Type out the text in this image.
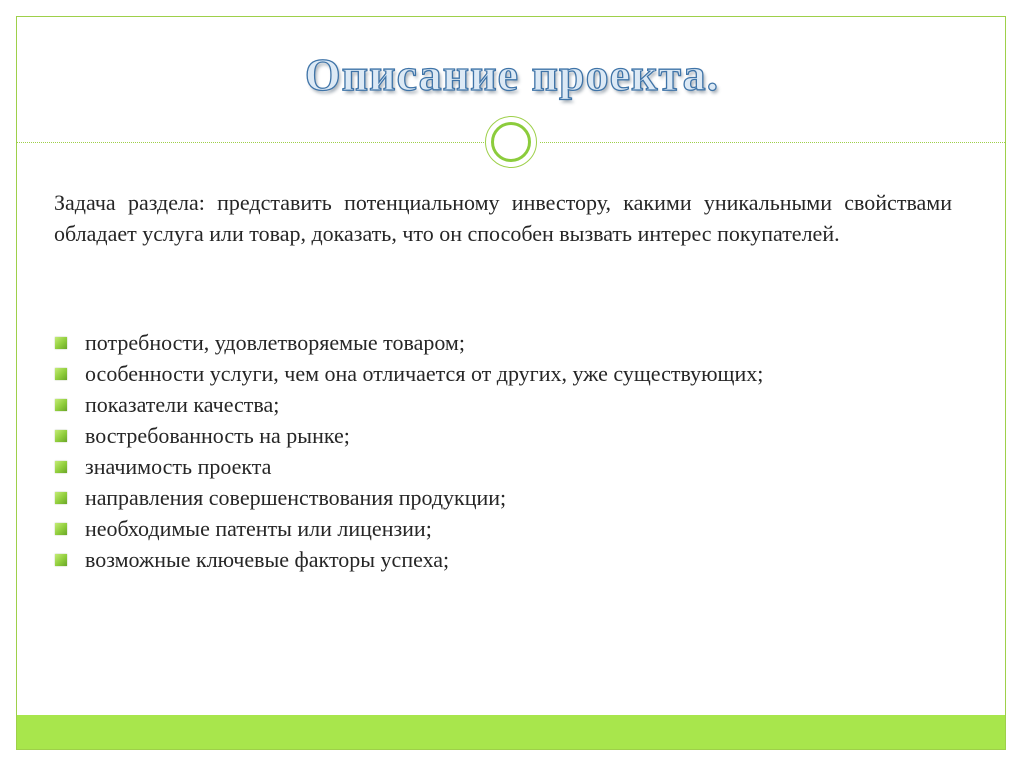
Описание проекта.

Задача раздела: представить потенциальному инвестору, какими уникальными свойствами обладает услуга или товар, доказать, что он способен вызвать интерес покупателей.

потребности, удовлетворяемые товаром;
особенности услуги, чем она отличается от других, уже существующих;
показатели качества;
востребованность на рынке;
значимость проекта
направления совершенствования продукции;
необходимые патенты или лицензии;
возможные ключевые факторы успеха;
